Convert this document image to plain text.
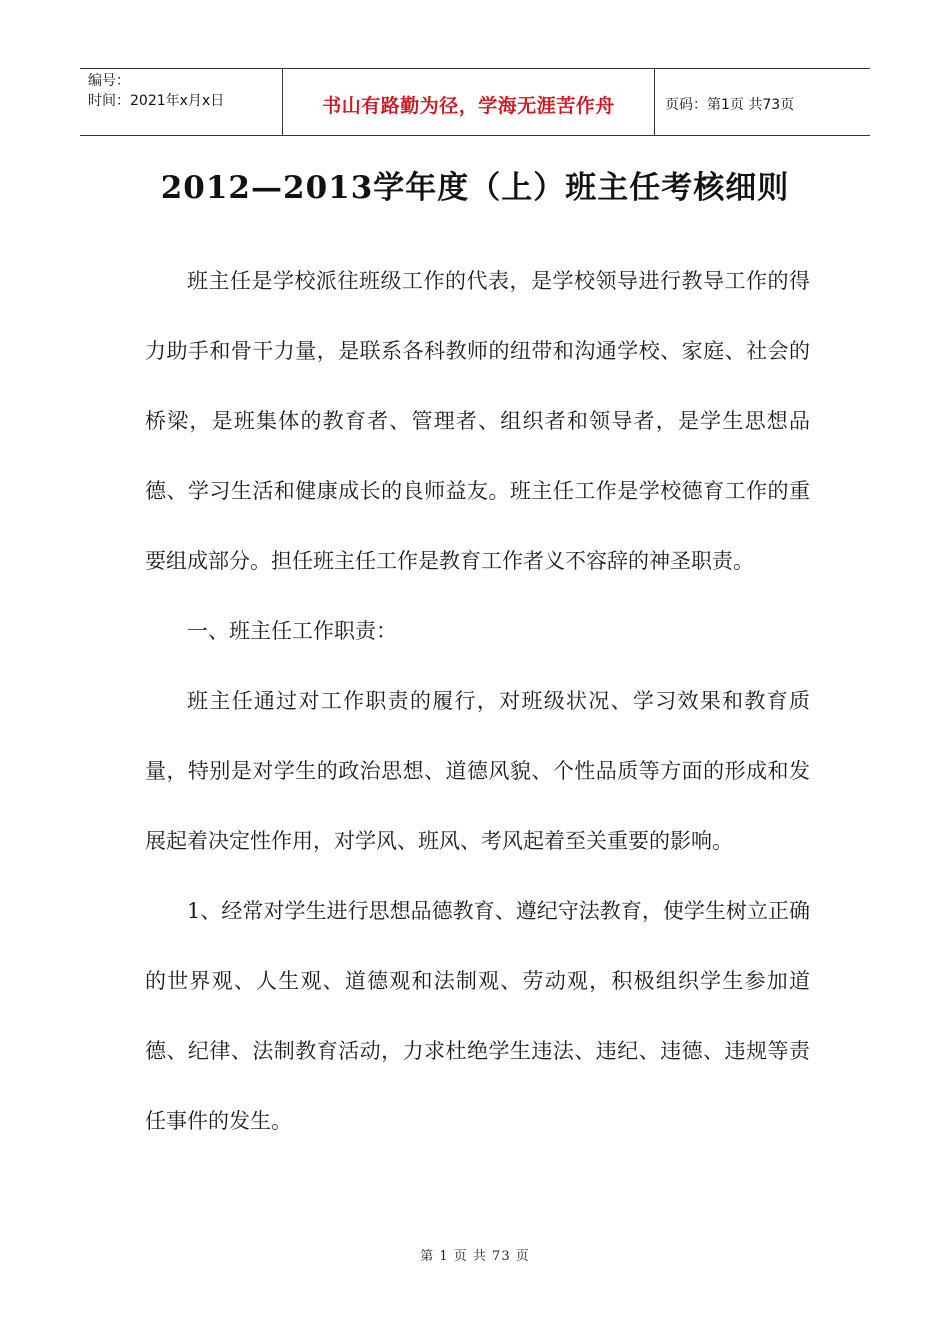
编号：
时间：2021年x月x日	书山有路勤为径，学海无涯苦作舟	页码：第1页 共73页
2012—2013学年度（上）班主任考核细则

班主任是学校派往班级工作的代表，是学校领导进行教导工作的得力助手和骨干力量，是联系各科教师的纽带和沟通学校、家庭、社会的桥梁，是班集体的教育者、管理者、组织者和领导者，是学生思想品德、学习生活和健康成长的良师益友。班主任工作是学校德育工作的重要组成部分。担任班主任工作是教育工作者义不容辞的神圣职责。

一、班主任工作职责：

班主任通过对工作职责的履行，对班级状况、学习效果和教育质量，特别是对学生的政治思想、道德风貌、个性品质等方面的形成和发展起着决定性作用，对学风、班风、考风起着至关重要的影响。

1、经常对学生进行思想品德教育、遵纪守法教育，使学生树立正确的世界观、人生观、道德观和法制观、劳动观，积极组织学生参加道德、纪律、法制教育活动，力求杜绝学生违法、违纪、违德、违规等责任事件的发生。

第 1 页 共 73 页
